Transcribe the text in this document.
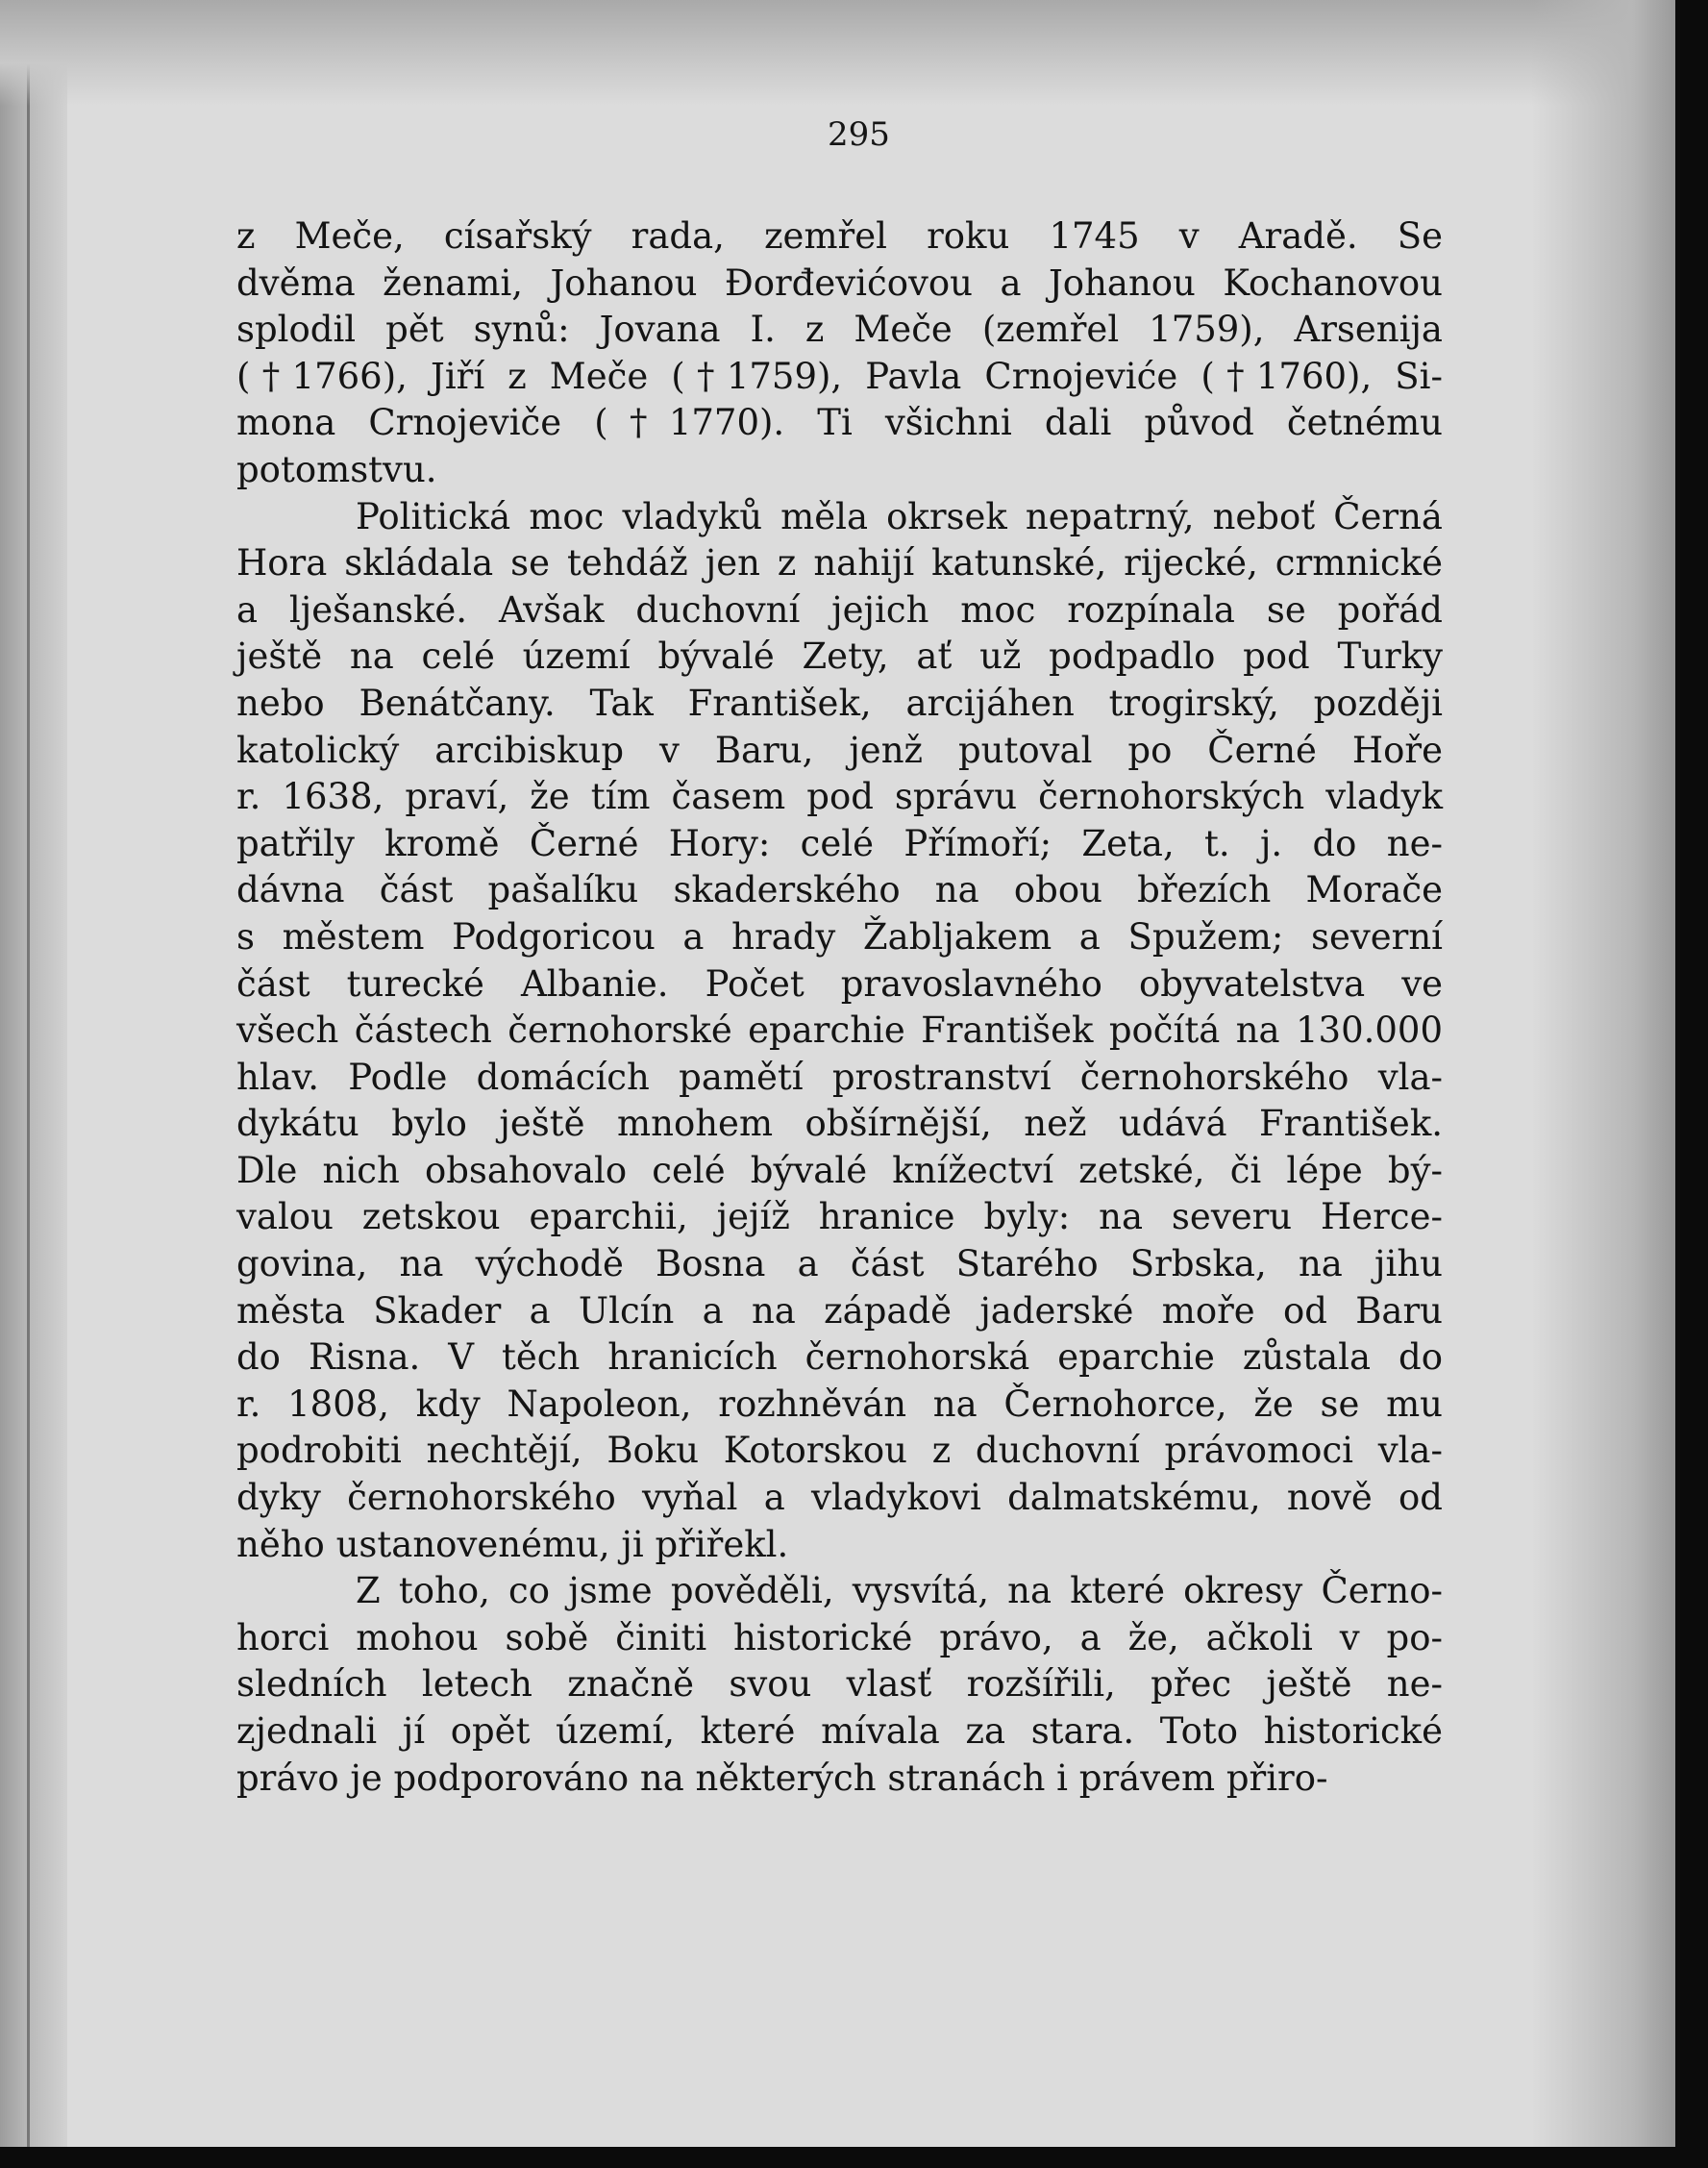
295
z Meče, císařský rada, zemřel roku 1745 v Aradě. Se
dvěma ženami, Johanou Đorđevićovou a Johanou Kochanovou
splodil pět synů: Jovana I. z Meče (zemřel 1759), Arsenija
(†1766), Jiří z Meče (†1759), Pavla Crnojeviće (†1760), Si-
mona Crnojeviče (†1770). Ti všichni dali původ četnému
potomstvu.
Politická moc vladyků měla okrsek nepatrný, neboť Černá
Hora skládala se tehdáž jen z nahijí katunské, rijecké, crmnické
a lješanské. Avšak duchovní jejich moc rozpínala se pořád
ještě na celé území bývalé Zety, ať už podpadlo pod Turky
nebo Benátčany. Tak František, arcijáhen trogirský, později
katolický arcibiskup v Baru, jenž putoval po Černé Hoře
r. 1638, praví, že tím časem pod správu černohorských vladyk
patřily kromě Černé Hory: celé Přímoří; Zeta, t. j. do ne-
dávna část pašalíku skaderského na obou březích Morače
s městem Podgoricou a hrady Žabljakem a Spužem; severní
část turecké Albanie. Počet pravoslavného obyvatelstva ve
všech částech černohorské eparchie František počítá na 130.000
hlav. Podle domácích pamětí prostranství černohorského vla-
dykátu bylo ještě mnohem obšírnější, než udává František.
Dle nich obsahovalo celé bývalé knížectví zetské, či lépe bý-
valou zetskou eparchii, jejíž hranice byly: na severu Herce-
govina, na východě Bosna a část Starého Srbska, na jihu
města Skader a Ulcín a na západě jaderské moře od Baru
do Risna. V těch hranicích černohorská eparchie zůstala do
r. 1808, kdy Napoleon, rozhněván na Černohorce, že se mu
podrobiti nechtějí, Boku Kotorskou z duchovní právomoci vla-
dyky černohorského vyňal a vladykovi dalmatskému, nově od
něho ustanovenému, ji přiřekl.
Z toho, co jsme pověděli, vysvítá, na které okresy Černo-
horci mohou sobě činiti historické právo, a že, ačkoli v po-
sledních letech značně svou vlasť rozšířili, přec ještě ne-
zjednali jí opět území, které mívala za stara. Toto historické
právo je podporováno na některých stranách i právem přiro-
